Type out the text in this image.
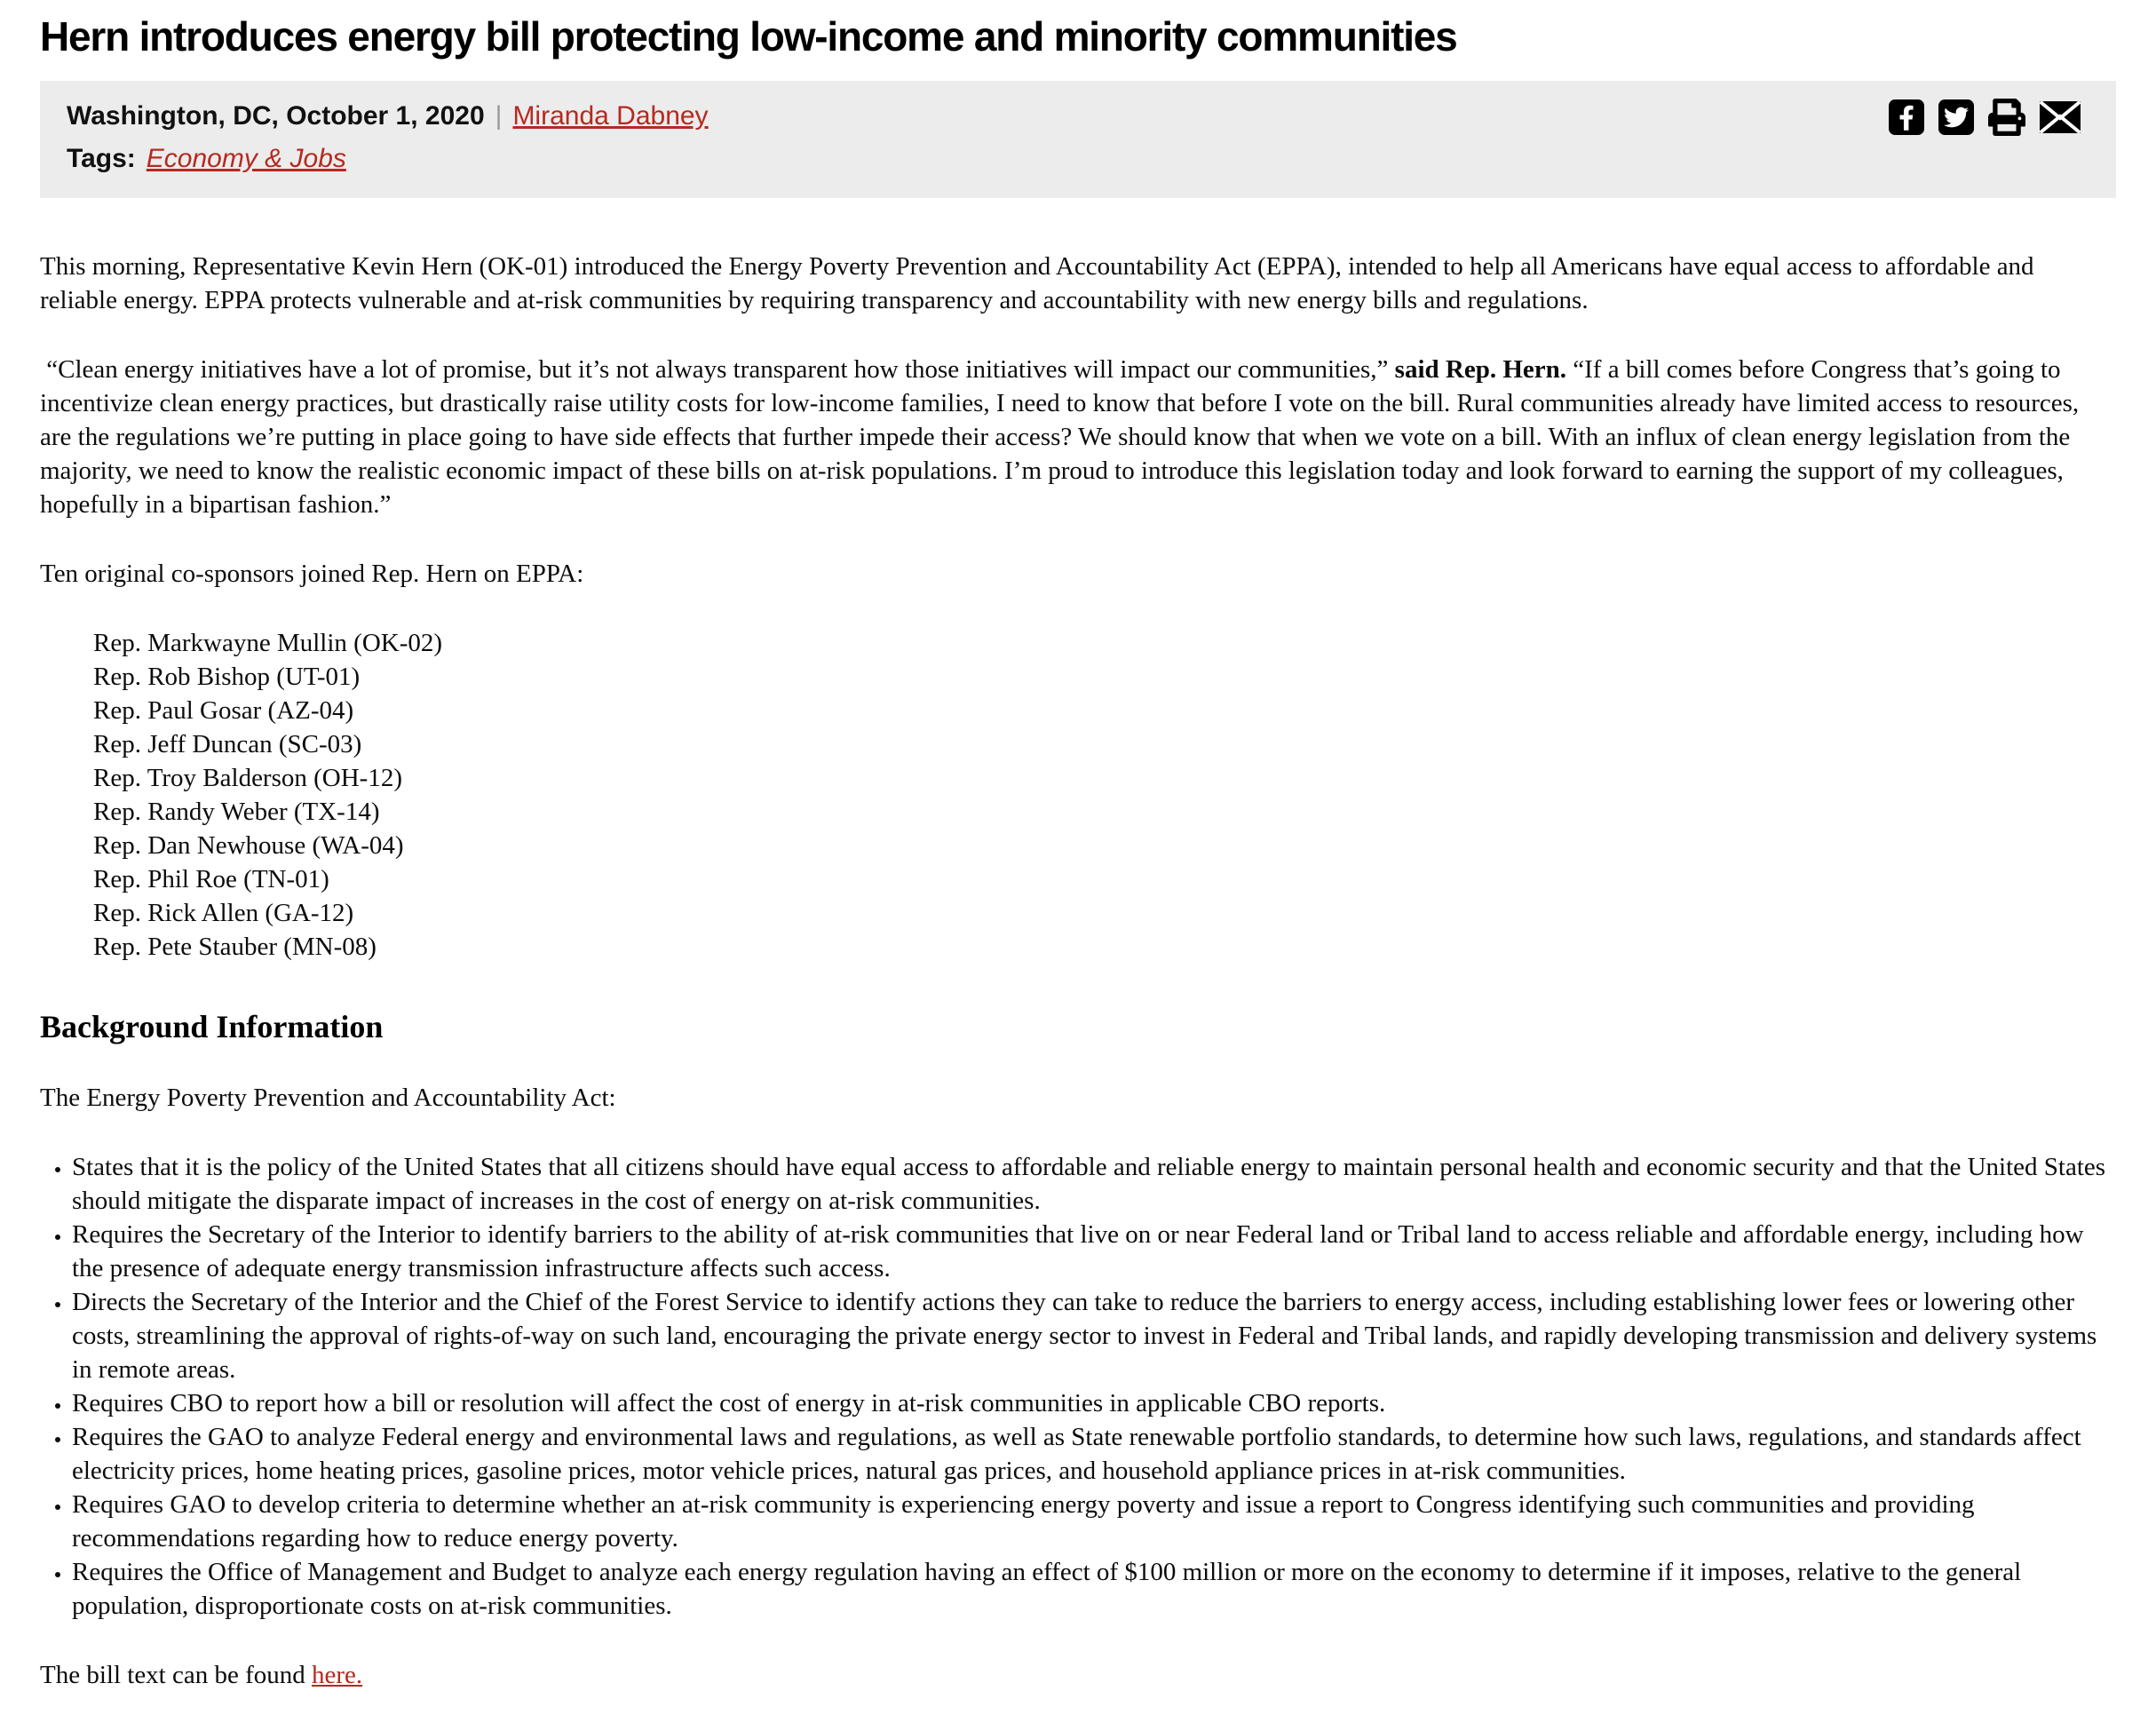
Hern introduces energy bill protecting low-income and minority communities
Washington, DC, October 1, 2020 | Miranda Dabney
Tags: Economy & Jobs

This morning, Representative Kevin Hern (OK-01) introduced the Energy Poverty Prevention and Accountability Act (EPPA), intended to help all Americans have equal access to affordable and reliable energy. EPPA protects vulnerable and at-risk communities by requiring transparency and accountability with new energy bills and regulations.

“Clean energy initiatives have a lot of promise, but it’s not always transparent how those initiatives will impact our communities,” said Rep. Hern. “If a bill comes before Congress that’s going to incentivize clean energy practices, but drastically raise utility costs for low-income families, I need to know that before I vote on the bill. Rural communities already have limited access to resources, are the regulations we’re putting in place going to have side effects that further impede their access? We should know that when we vote on a bill. With an influx of clean energy legislation from the majority, we need to know the realistic economic impact of these bills on at-risk populations. I’m proud to introduce this legislation today and look forward to earning the support of my colleagues, hopefully in a bipartisan fashion.”

Ten original co-sponsors joined Rep. Hern on EPPA:

Rep. Markwayne Mullin (OK-02)
Rep. Rob Bishop (UT-01)
Rep. Paul Gosar (AZ-04)
Rep. Jeff Duncan (SC-03)
Rep. Troy Balderson (OH-12)
Rep. Randy Weber (TX-14)
Rep. Dan Newhouse (WA-04)
Rep. Phil Roe (TN-01)
Rep. Rick Allen (GA-12)
Rep. Pete Stauber (MN-08)
Background Information

The Energy Poverty Prevention and Accountability Act:

• States that it is the policy of the United States that all citizens should have equal access to affordable and reliable energy to maintain personal health and economic security and that the United States should mitigate the disparate impact of increases in the cost of energy on at-risk communities.
• Requires the Secretary of the Interior to identify barriers to the ability of at-risk communities that live on or near Federal land or Tribal land to access reliable and affordable energy, including how the presence of adequate energy transmission infrastructure affects such access.
• Directs the Secretary of the Interior and the Chief of the Forest Service to identify actions they can take to reduce the barriers to energy access, including establishing lower fees or lowering other costs, streamlining the approval of rights-of-way on such land, encouraging the private energy sector to invest in Federal and Tribal lands, and rapidly developing transmission and delivery systems in remote areas.
• Requires CBO to report how a bill or resolution will affect the cost of energy in at-risk communities in applicable CBO reports.
• Requires the GAO to analyze Federal energy and environmental laws and regulations, as well as State renewable portfolio standards, to determine how such laws, regulations, and standards affect electricity prices, home heating prices, gasoline prices, motor vehicle prices, natural gas prices, and household appliance prices in at-risk communities.
• Requires GAO to develop criteria to determine whether an at-risk community is experiencing energy poverty and issue a report to Congress identifying such communities and providing recommendations regarding how to reduce energy poverty.
• Requires the Office of Management and Budget to analyze each energy regulation having an effect of $100 million or more on the economy to determine if it imposes, relative to the general population, disproportionate costs on at-risk communities.

The bill text can be found here.
